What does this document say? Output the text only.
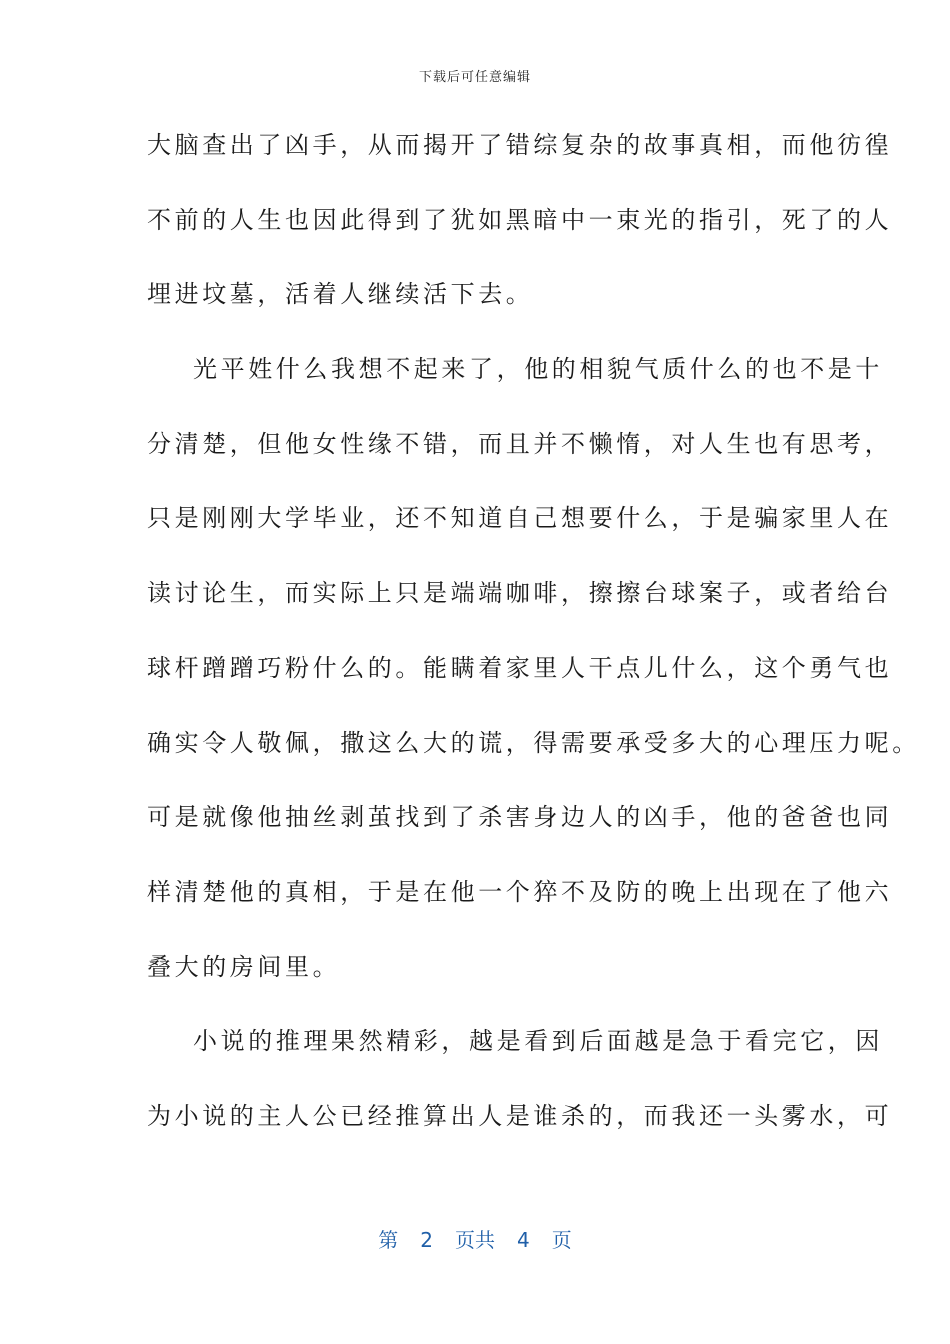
下载后可任意编辑
大脑查出了凶手，从而揭开了错综复杂的故事真相，而他彷徨
不前的人生也因此得到了犹如黑暗中一束光的指引，死了的人
埋进坟墓，活着人继续活下去。
光平姓什么我想不起来了，他的相貌气质什么的也不是十
分清楚，但他女性缘不错，而且并不懒惰，对人生也有思考，
只是刚刚大学毕业，还不知道自己想要什么，于是骗家里人在
读讨论生，而实际上只是端端咖啡，擦擦台球案子，或者给台
球杆蹭蹭巧粉什么的。能瞒着家里人干点儿什么，这个勇气也
确实令人敬佩，撒这么大的谎，得需要承受多大的心理压力呢。
可是就像他抽丝剥茧找到了杀害身边人的凶手，他的爸爸也同
样清楚他的真相，于是在他一个猝不及防的晚上出现在了他六
叠大的房间里。
小说的推理果然精彩，越是看到后面越是急于看完它，因
为小说的主人公已经推算出人是谁杀的，而我还一头雾水，可
第 2 页共 4 页
